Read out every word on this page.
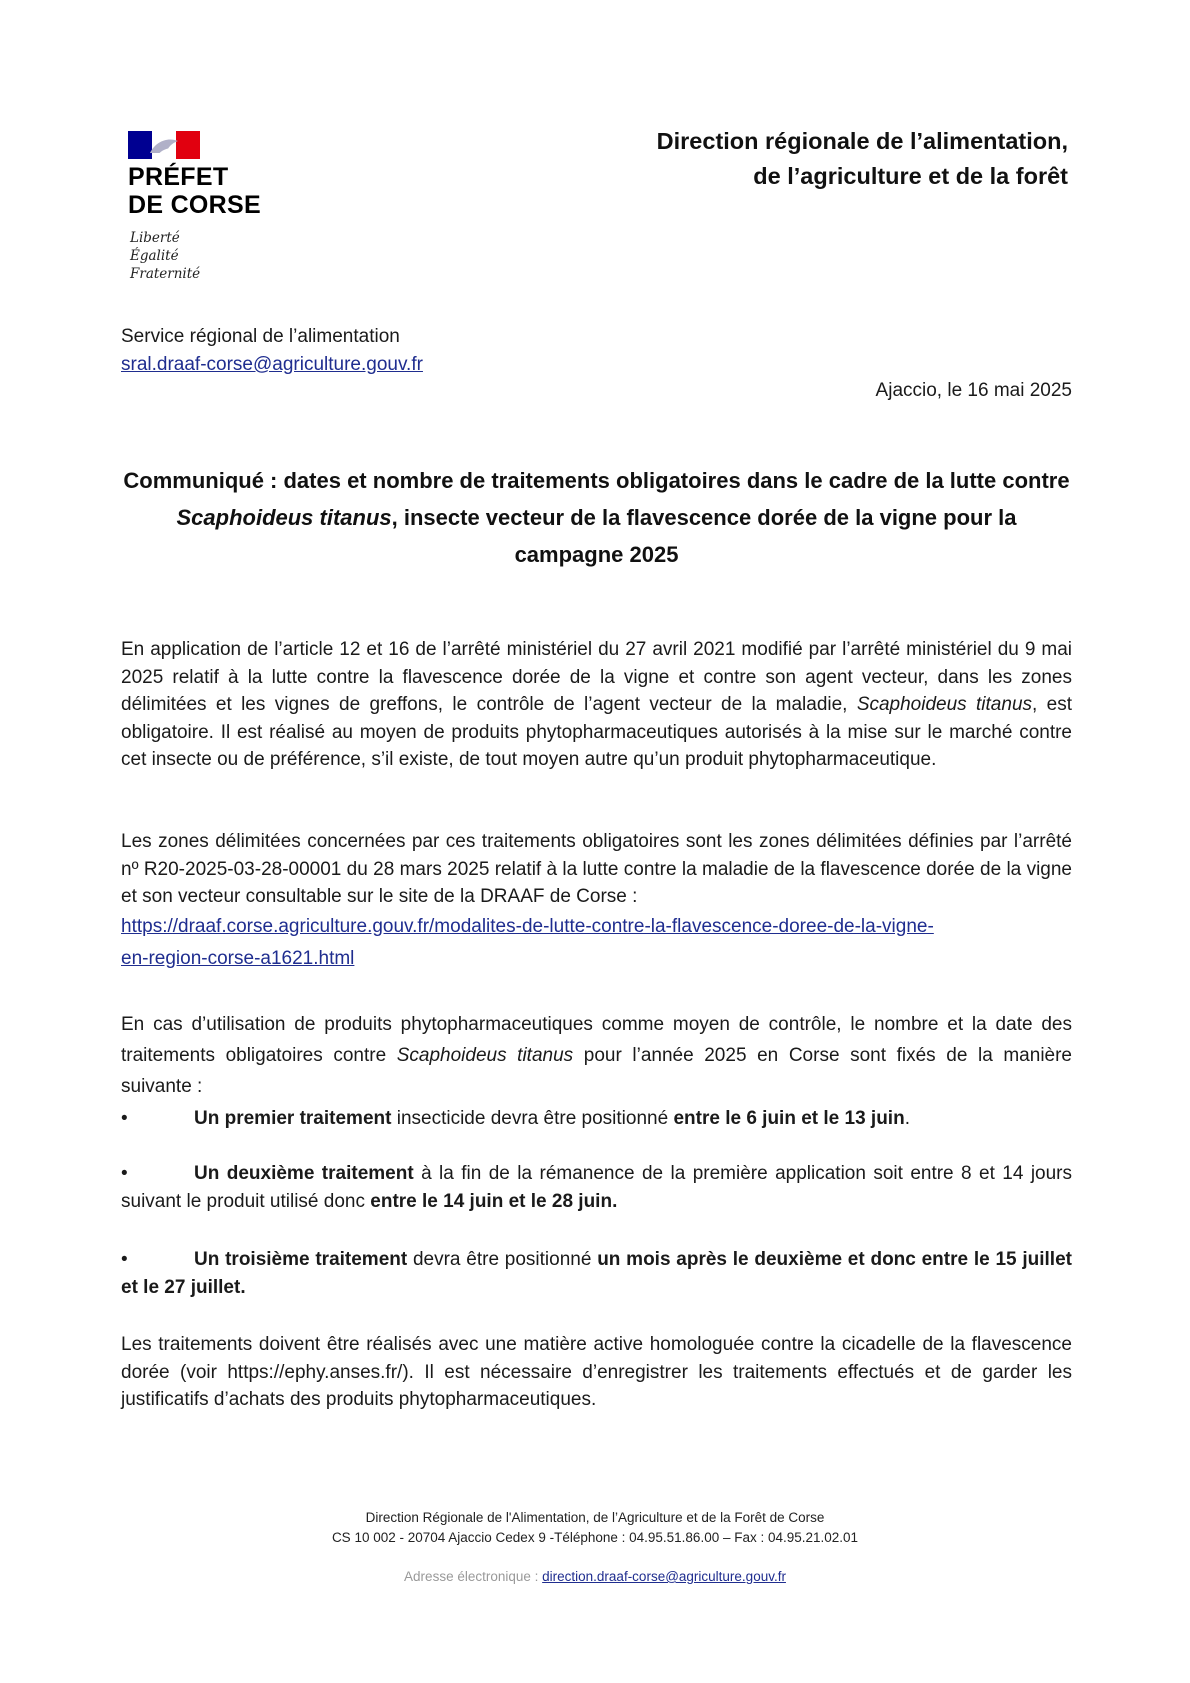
PRÉFET
DE CORSE
Liberté
Égalité
Fraternité
Direction régionale de l’alimentation,
de l’agriculture et de la forêt
Service régional de l’alimentation
sral.draaf-corse@agriculture.gouv.fr
Ajaccio, le 16 mai 2025
Communiqué : dates et nombre de traitements obligatoires dans le cadre de la lutte contre Scaphoideus titanus, insecte vecteur de la flavescence dorée de la vigne pour la campagne 2025
En application de l’article 12 et 16 de l’arrêté ministériel du 27 avril 2021 modifié par l’arrêté ministériel du 9 mai 2025 relatif à la lutte contre la flavescence dorée de la vigne et contre son agent vecteur, dans les zones délimitées et les vignes de greffons, le contrôle de l’agent vecteur de la maladie, Scaphoideus titanus, est obligatoire. Il est réalisé au moyen de produits phytopharmaceutiques autorisés à la mise sur le marché contre cet insecte ou de préférence, s’il existe, de tout moyen autre qu’un produit phytopharmaceutique.
Les zones délimitées concernées par ces traitements obligatoires sont les zones délimitées définies par l’arrêté nº R20-2025-03-28-00001 du 28 mars 2025 relatif à la lutte contre la maladie de la flavescence dorée de la vigne et son vecteur consultable sur le site de la DRAAF de Corse :
https://draaf.corse.agriculture.gouv.fr/modalites-de-lutte-contre-la-flavescence-doree-de-la-vigne-
en-region-corse-a1621.html
En cas d’utilisation de produits phytopharmaceutiques comme moyen de contrôle, le nombre et la date des traitements obligatoires contre Scaphoideus titanus pour l’année 2025 en Corse sont fixés de la manière suivante :
•	Un premier traitement insecticide devra être positionné entre le 6 juin et le 13 juin.
•	Un deuxième traitement à la fin de la rémanence de la première application soit entre 8 et 14 jours suivant le produit utilisé donc entre le 14 juin et le 28 juin.
•	Un troisième traitement devra être positionné un mois après le deuxième et donc entre le 15 juillet et le 27 juillet.
Les traitements doivent être réalisés avec une matière active homologuée contre la cicadelle de la flavescence dorée (voir https://ephy.anses.fr/). Il est nécessaire d’enregistrer les traitements effectués et de garder les justificatifs d’achats des produits phytopharmaceutiques.
Direction Régionale de l'Alimentation, de l’Agriculture et de la Forêt de Corse
CS 10 002 - 20704 Ajaccio Cedex 9 -Téléphone : 04.95.51.86.00 – Fax : 04.95.21.02.01
Adresse électronique : direction.draaf-corse@agriculture.gouv.fr
